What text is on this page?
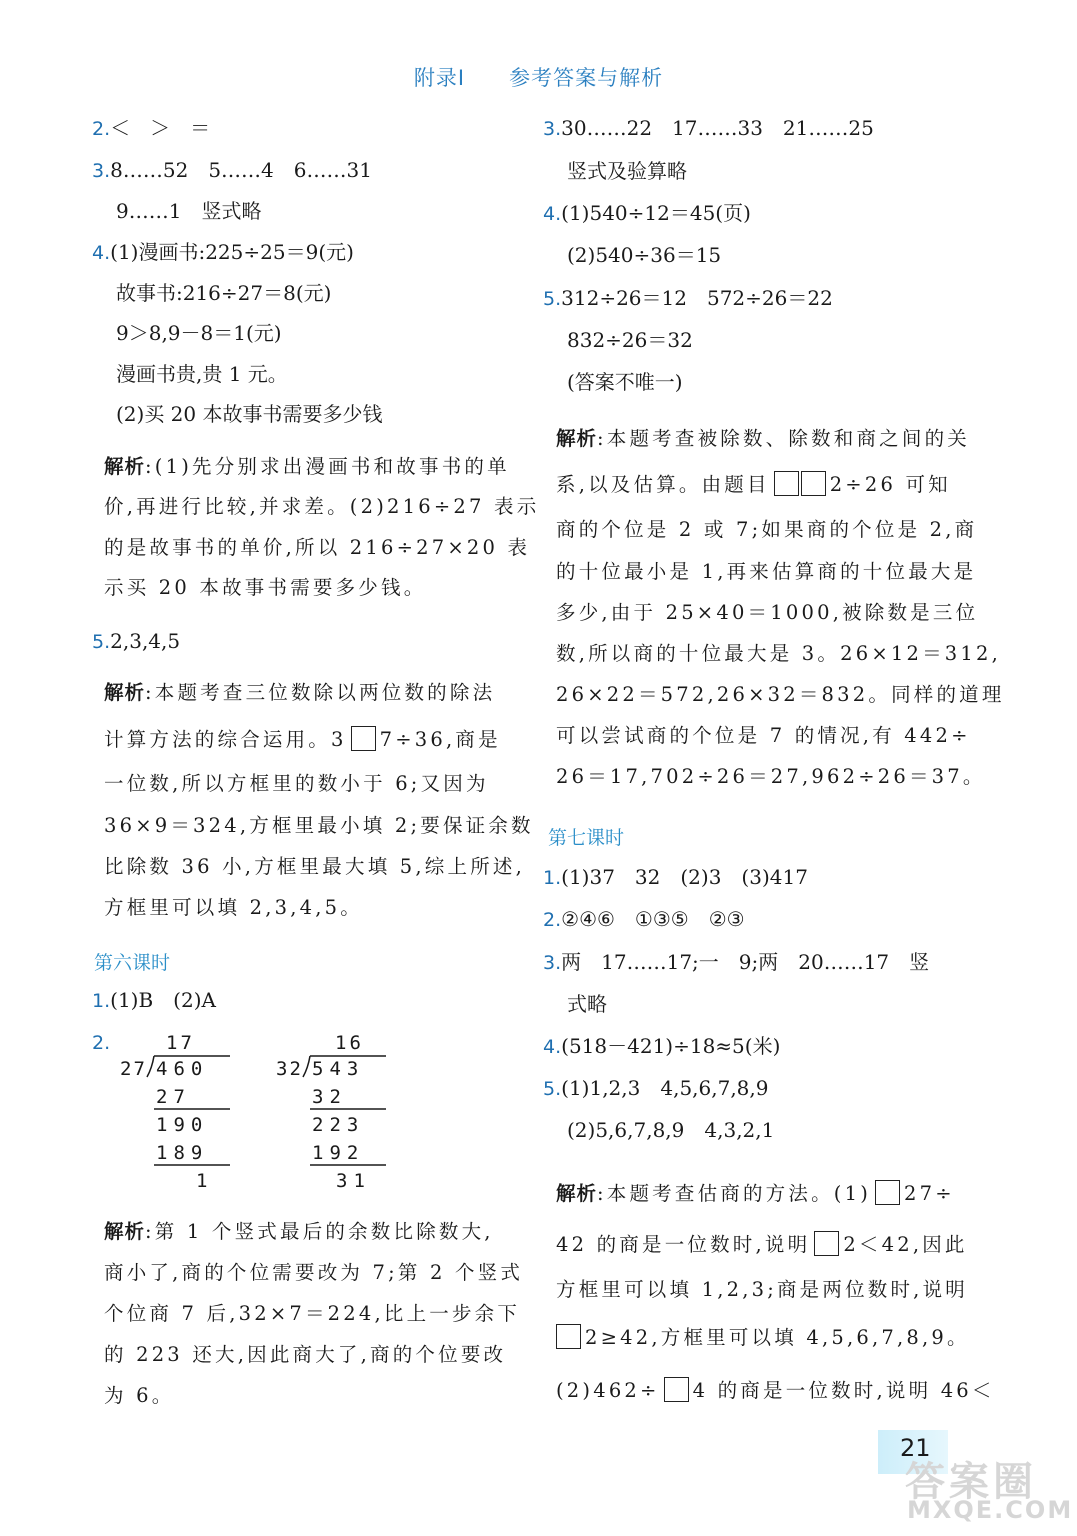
附录Ⅰ 参考答案与解析
2.＜　＞　＝
3.8……52　5……4　6……31
9……1　竖式略
4.(1)漫画书:225÷25＝9(元)
故事书:216÷27＝8(元)
9＞8,9－8＝1(元)
漫画书贵,贵 1 元。
(2)买 20 本故事书需要多少钱
解析:(1)先分别求出漫画书和故事书的单
价,再进行比较,并求差。(2)216÷27 表示
的是故事书的单价,所以 216÷27×20 表
示买 20 本故事书需要多少钱。
5.2,3,4,5
解析:本题考查三位数除以两位数的除法
计算方法的综合运用。3 7÷36,商是
一位数,所以方框里的数小于 6;又因为
36×9＝324,方框里最小填 2;要保证余数
比除数 36 小,方框里最大填 5,综上所述,
方框里可以填 2,3,4,5。
第六课时
1.(1)B　(2)A
2.	17
27 460
27
190
189
1
16
32 543
32
223
192
31
解析:第 1 个竖式最后的余数比除数大,
商小了,商的个位需要改为 7;第 2 个竖式
个位商 7 后,32×7＝224,比上一步余下
的 223 还大,因此商大了,商的个位要改
为 6。
3.30……22　17……33　21……25
竖式及验算略
4.(1)540÷12＝45(页)
(2)540÷36＝15
5.312÷26＝12　572÷26＝22
832÷26＝32
(答案不唯一)
解析:本题考查被除数、除数和商之间的关
系,以及估算。由题目	2÷26 可知
商的个位是 2 或 7;如果商的个位是 2,商
的十位最小是 1,再来估算商的十位最大是
多少,由于 25×40＝1000,被除数是三位
数,所以商的十位最大是 3。26×12＝312,
26×22＝572,26×32＝832。同样的道理
可以尝试商的个位是 7 的情况,有 442÷
26＝17,702÷26＝27,962÷26＝37。
第七课时
1.(1)37　32　(2)3　(3)417
2.②④⑥　①③⑤　②③
3.两　17……17;一　9;两　20……17　竖
式略
4.(518－421)÷18≈5(米)
5.(1)1,2,3　4,5,6,7,8,9
(2)5,6,7,8,9　4,3,2,1
解析:本题考查估商的方法。(1) 27÷
42 的商是一位数时,说明 2＜42,因此
方框里可以填 1,2,3;商是两位数时,说明
2≥42,方框里可以填 4,5,6,7,8,9。
(2)462÷ 4 的商是一位数时,说明 46＜
21
答案圈
MXQE.COM
